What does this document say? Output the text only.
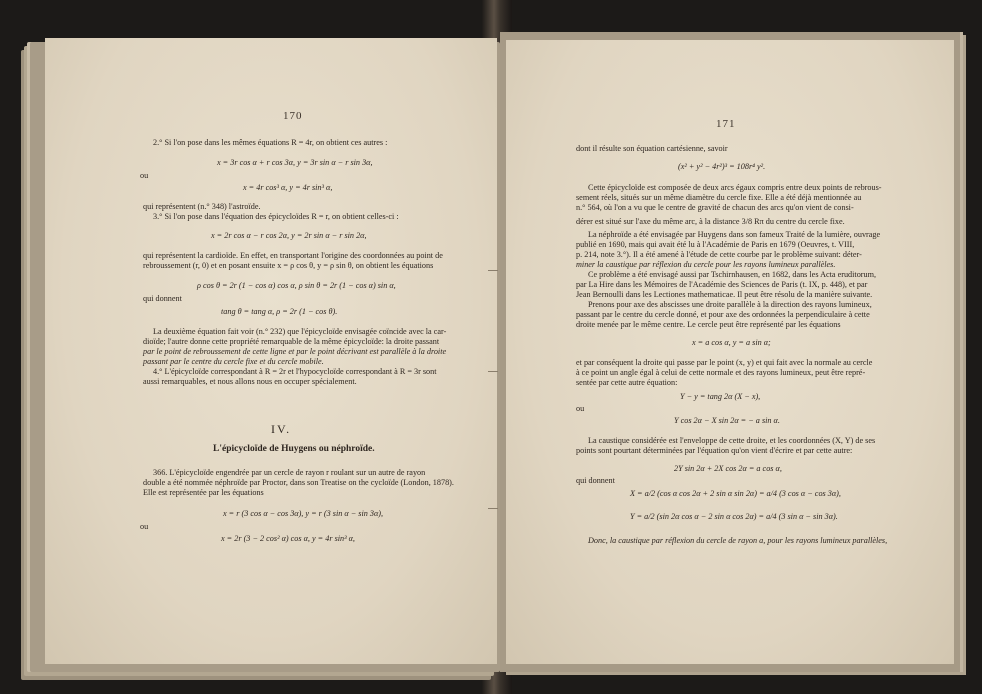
170
2.° Si l'on pose dans les mêmes équations R = 4r, on obtient ces autres :
x = 3r cos α + r cos 3α, y = 3r sin α − r sin 3α,
ou
x = 4r cos³ α, y = 4r sin³ α,
qui représentent (n.° 348) l'astroïde.
3.° Si l'on pose dans l'équation des épicycloïdes R = r, on obtient celles-ci :
x = 2r cos α − r cos 2α, y = 2r sin α − r sin 2α,
qui représentent la cardioïde. En effet, en transportant l'origine des coordonnées au point de
rebroussement (r, 0) et en posant ensuite x = ρ cos θ, y = ρ sin θ, on obtient les équations
ρ cos θ = 2r (1 − cos α) cos α, ρ sin θ = 2r (1 − cos α) sin α,
qui donnent
tang θ = tang α, ρ = 2r (1 − cos θ).
La deuxième équation fait voir (n.° 232) que l'épicycloïde envisagée coïncide avec la car-
dioïde; l'autre donne cette propriété remarquable de la même épicycloïde: la droite passant
par le point de rebroussement de cette ligne et par le point décrivant est parallèle à la droite
passant par le centre du cercle fixe et du cercle mobile.
4.° L'épicycloïde correspondant à R = 2r et l'hypocycloïde correspondant à R = 3r sont
aussi remarquables, et nous allons nous en occuper spécialement.
IV.
L'épicycloïde de Huygens ou néphroïde.
366. L'épicycloïde engendrée par un cercle de rayon r roulant sur un autre de rayon
double a été nommée néphroïde par Proctor, dans son Treatise on the cycloïde (London, 1878).
Elle est représentée par les équations
x = r (3 cos α − cos 3α), y = r (3 sin α − sin 3α),
ou
x = 2r (3 − 2 cos² α) cos α, y = 4r sin³ α,
171
dont il résulte son équation cartésienne, savoir
(x² + y² − 4r²)³ = 108r⁴ y².
Cette épicycloïde est composée de deux arcs égaux compris entre deux points de rebrous-
sement réels, situés sur un même diamètre du cercle fixe. Elle a été déjà mentionnée au
n.° 564, où l'on a vu que le centre de gravité de chacun des arcs qu'on vient de consi-
dérer est situé sur l'axe du même arc, à la distance 3/8 Rπ du centre du cercle fixe.
La néphroïde a été envisagée par Huygens dans son fameux Traité de la lumière, ouvrage
publié en 1690, mais qui avait été lu à l'Académie de Paris en 1679 (Oeuvres, t. VIII,
p. 214, note 3.°). Il a été amené à l'étude de cette courbe par le problème suivant: déter-
miner la caustique par réflexion du cercle pour les rayons lumineux parallèles.
Ce problème a été envisagé aussi par Tschirnhausen, en 1682, dans les Acta eruditorum,
par La Hire dans les Mémoires de l'Académie des Sciences de Paris (t. IX, p. 448), et par
Jean Bernoulli dans les Lectiones mathematicae. Il peut être résolu de la manière suivante.
Prenons pour axe des abscisses une droite parallèle à la direction des rayons lumineux,
passant par le centre du cercle donné, et pour axe des ordonnées la perpendiculaire à cette
droite menée par le même centre. Le cercle peut être représenté par les équations
x = a cos α, y = a sin α;
et par conséquent la droite qui passe par le point (x, y) et qui fait avec la normale au cercle
à ce point un angle égal à celui de cette normale et des rayons lumineux, peut être repré-
sentée par cette autre équation:
Y − y = tang 2α (X − x),
ou
Y cos 2α − X sin 2α = − a sin α.
La caustique considérée est l'enveloppe de cette droite, et les coordonnées (X, Y) de ses
points sont pourtant déterminées par l'équation qu'on vient d'écrire et par cette autre:
2Y sin 2α + 2X cos 2α = a cos α,
qui donnent
X = a/2 (cos α cos 2α + 2 sin α sin 2α) = a/4 (3 cos α − cos 3α),
Y = a/2 (sin 2α cos α − 2 sin α cos 2α) = a/4 (3 sin α − sin 3α).
Donc, la caustique par réflexion du cercle de rayon a, pour les rayons lumineux parallèles,
